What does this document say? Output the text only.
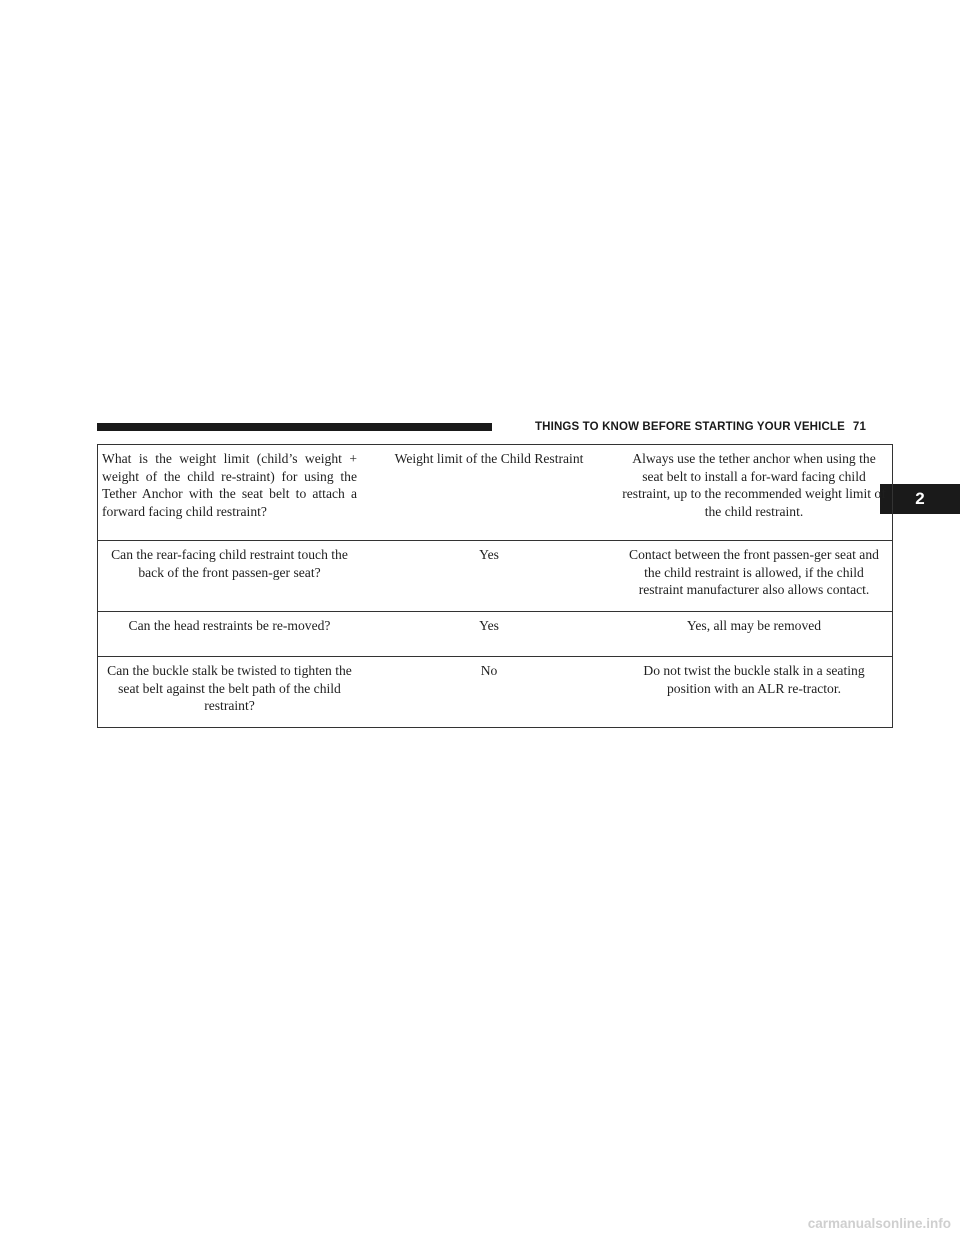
THINGS TO KNOW BEFORE STARTING YOUR VEHICLE 71
2
What is the weight limit (child’s weight + weight of the child re-straint) for using the Tether Anchor with the seat belt to attach a forward facing child restraint?	Weight limit of the Child Restraint	Always use the tether anchor when using the seat belt to install a for-ward facing child restraint, up to the recommended weight limit of the child restraint.
Can the rear-facing child restraint touch the back of the front passen-ger seat?	Yes	Contact between the front passen-ger seat and the child restraint is allowed, if the child restraint manufacturer also allows contact.
Can the head restraints be re-moved?	Yes	Yes, all may be removed
Can the buckle stalk be twisted to tighten the seat belt against the belt path of the child restraint?	No	Do not twist the buckle stalk in a seating position with an ALR re-tractor.
carmanualsonline.info
